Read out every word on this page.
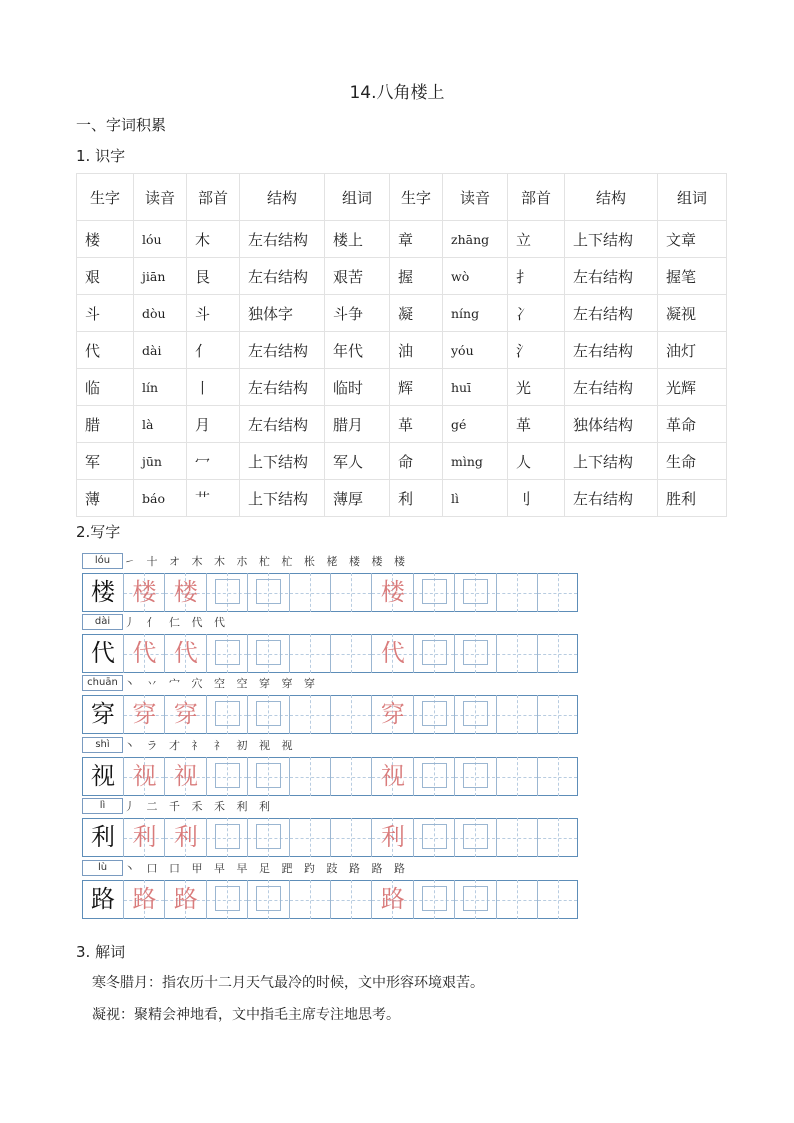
14.八角楼上
一、字词积累
1. 识字
生字	读音	部首	结构	组词	生字	读音	部首	结构	组词
楼	lóu	木	左右结构	楼上	章	zhāng	立	上下结构	文章
艰	jiān	艮	左右结构	艰苦	握	wò	扌	左右结构	握笔
斗	dòu	斗	独体字	斗争	凝	níng	冫	左右结构	凝视
代	dài	亻	左右结构	年代	油	yóu	氵	左右结构	油灯
临	lín	丨	左右结构	临时	辉	huī	光	左右结构	光辉
腊	là	月	左右结构	腊月	革	gé	革	独体结构	革命
军	jūn	冖	上下结构	军人	命	mìng	人	上下结构	生命
薄	báo	艹	上下结构	薄厚	利	lì	刂	左右结构	胜利
2.写字
lóu	㇀ 十 オ 木 木 朩 杧 杧 枨 栳 楼 楼 楼
楼 楼 楼	楼
dài	丿 亻 仁 代 代
代 代 代	代
chuān 丶 丷 宀 穴 空 空 穿 穿 穿
穿 穿 穿	穿
shì	丶 ラ 才 礻 礻 初 视 视
视 视 视	视
lì	丿 二 千 禾 禾 利 利
利 利 利	利
lù	丶 口 口 甲 早 早 足 跁 趵 跂 路 路 路
路 路 路	路
3. 解词
寒冬腊月：指农历十二月天气最冷的时候，文中形容环境艰苦。
凝视：聚精会神地看，文中指毛主席专注地思考。
